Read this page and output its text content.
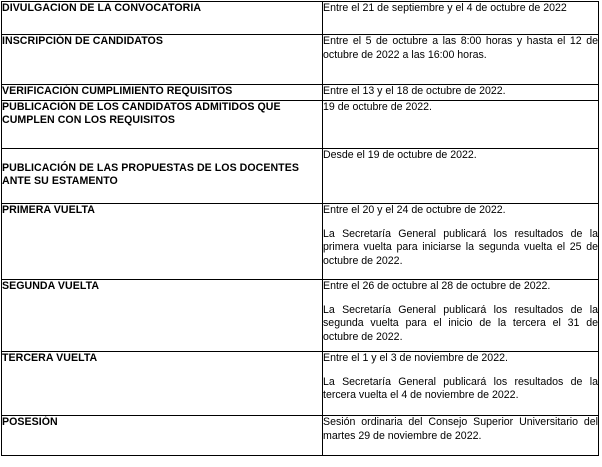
DIVULGACION DE LA CONVOCATORIA	Entre el 21 de septiembre y el 4 de octubre de 2022

INSCRIPCIÓN DE CANDIDATOS	Entre el 5 de octubre a las 8:00 horas y hasta el 12 de octubre de 2022 a las 16:00 horas.

VERIFICACIÓN CUMPLIMIENTO REQUISITOS	Entre el 13 y el 18 de octubre de 2022.

PUBLICACIÓN DE LOS CANDIDATOS ADMITIDOS QUE CUMPLEN CON LOS REQUISITOS	19 de octubre de 2022.

PUBLICACIÓN DE LAS PROPUESTAS DE LOS DOCENTES ANTE SU ESTAMENTO	Desde el 19 de octubre de 2022.

PRIMERA VUELTA	Entre el 20 y el 24 de octubre de 2022.

La Secretaría General publicará los resultados de la primera vuelta para iniciarse la segunda vuelta el 25 de octubre de 2022.

SEGUNDA VUELTA	Entre el 26 de octubre al 28 de octubre de 2022.

La Secretaría General publicará los resultados de la segunda vuelta para el inicio de la tercera el 31 de octubre de 2022.

TERCERA VUELTA	Entre el 1 y el 3 de noviembre de 2022.

La Secretaría General publicará los resultados de la tercera vuelta el 4 de noviembre de 2022.

POSESIÓN	Sesión ordinaria del Consejo Superior Universitario del martes 29 de noviembre de 2022.
